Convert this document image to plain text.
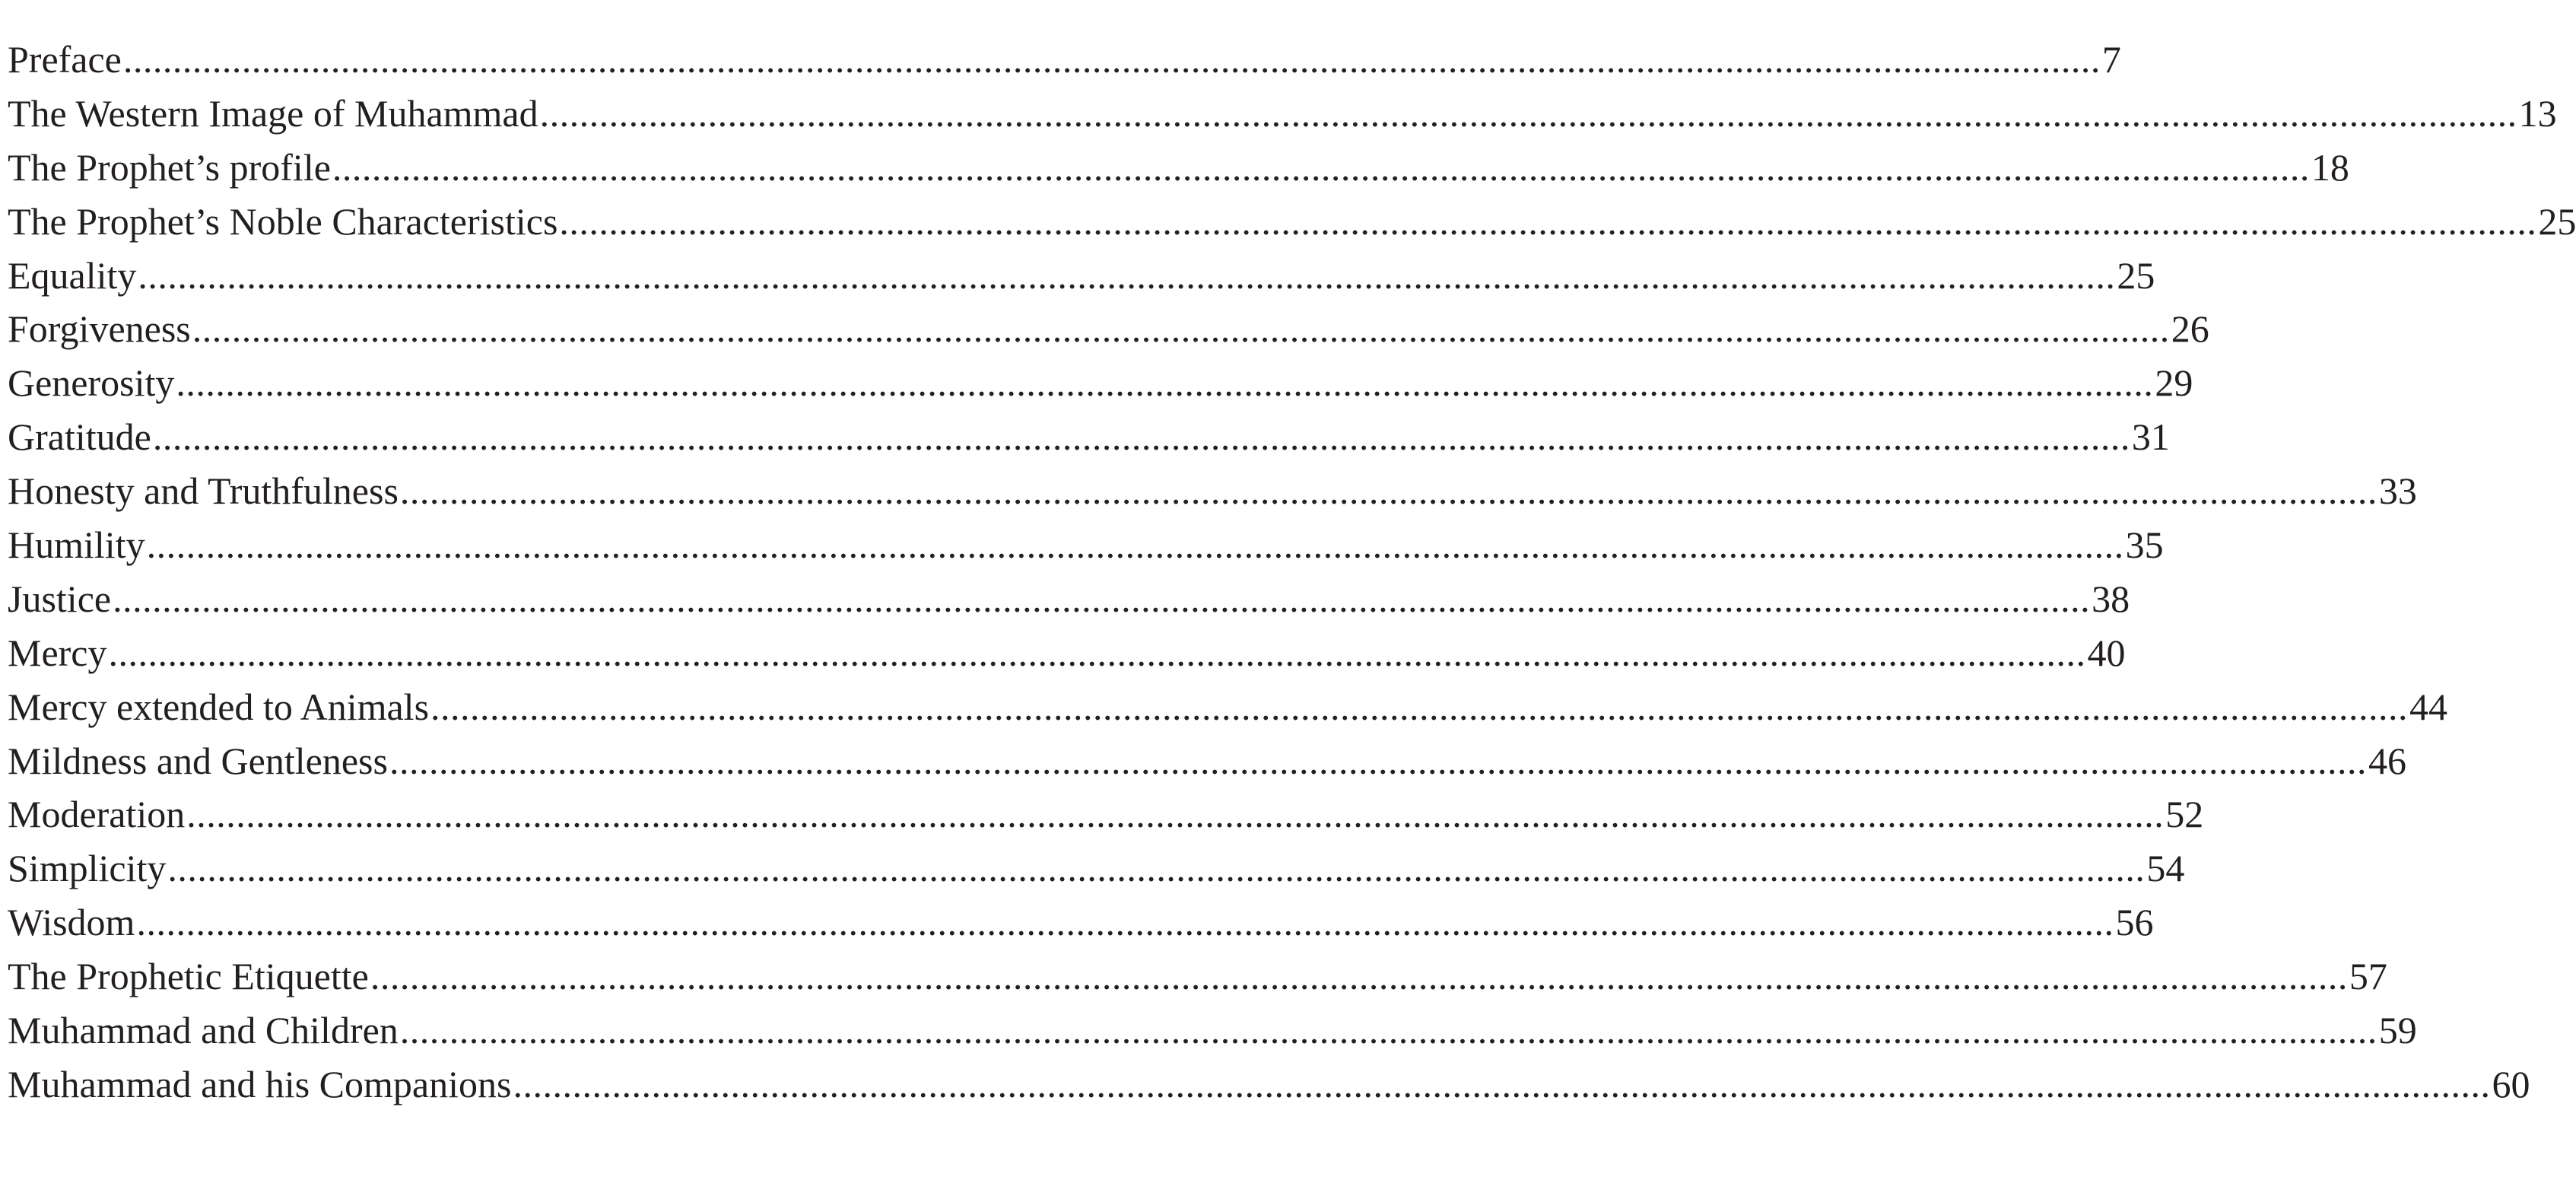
Preface ........................................................................................................................................................................................................ 7
The Western Image of Muhammad ........................................................................................................................................................................................................ 13
The Prophet’s profile ........................................................................................................................................................................................................ 18
The Prophet’s Noble Characteristics ........................................................................................................................................................................................................ 25
Equality ........................................................................................................................................................................................................ 25
Forgiveness ........................................................................................................................................................................................................ 26
Generosity ........................................................................................................................................................................................................ 29
Gratitude ........................................................................................................................................................................................................ 31
Honesty and Truthfulness ........................................................................................................................................................................................................ 33
Humility ........................................................................................................................................................................................................ 35
Justice ........................................................................................................................................................................................................ 38
Mercy ........................................................................................................................................................................................................ 40
Mercy extended to Animals ........................................................................................................................................................................................................ 44
Mildness and Gentleness ........................................................................................................................................................................................................ 46
Moderation ........................................................................................................................................................................................................ 52
Simplicity ........................................................................................................................................................................................................ 54
Wisdom ........................................................................................................................................................................................................ 56
The Prophetic Etiquette ........................................................................................................................................................................................................ 57
Muhammad and Children ........................................................................................................................................................................................................ 59
Muhammad and his Companions ........................................................................................................................................................................................................ 60
